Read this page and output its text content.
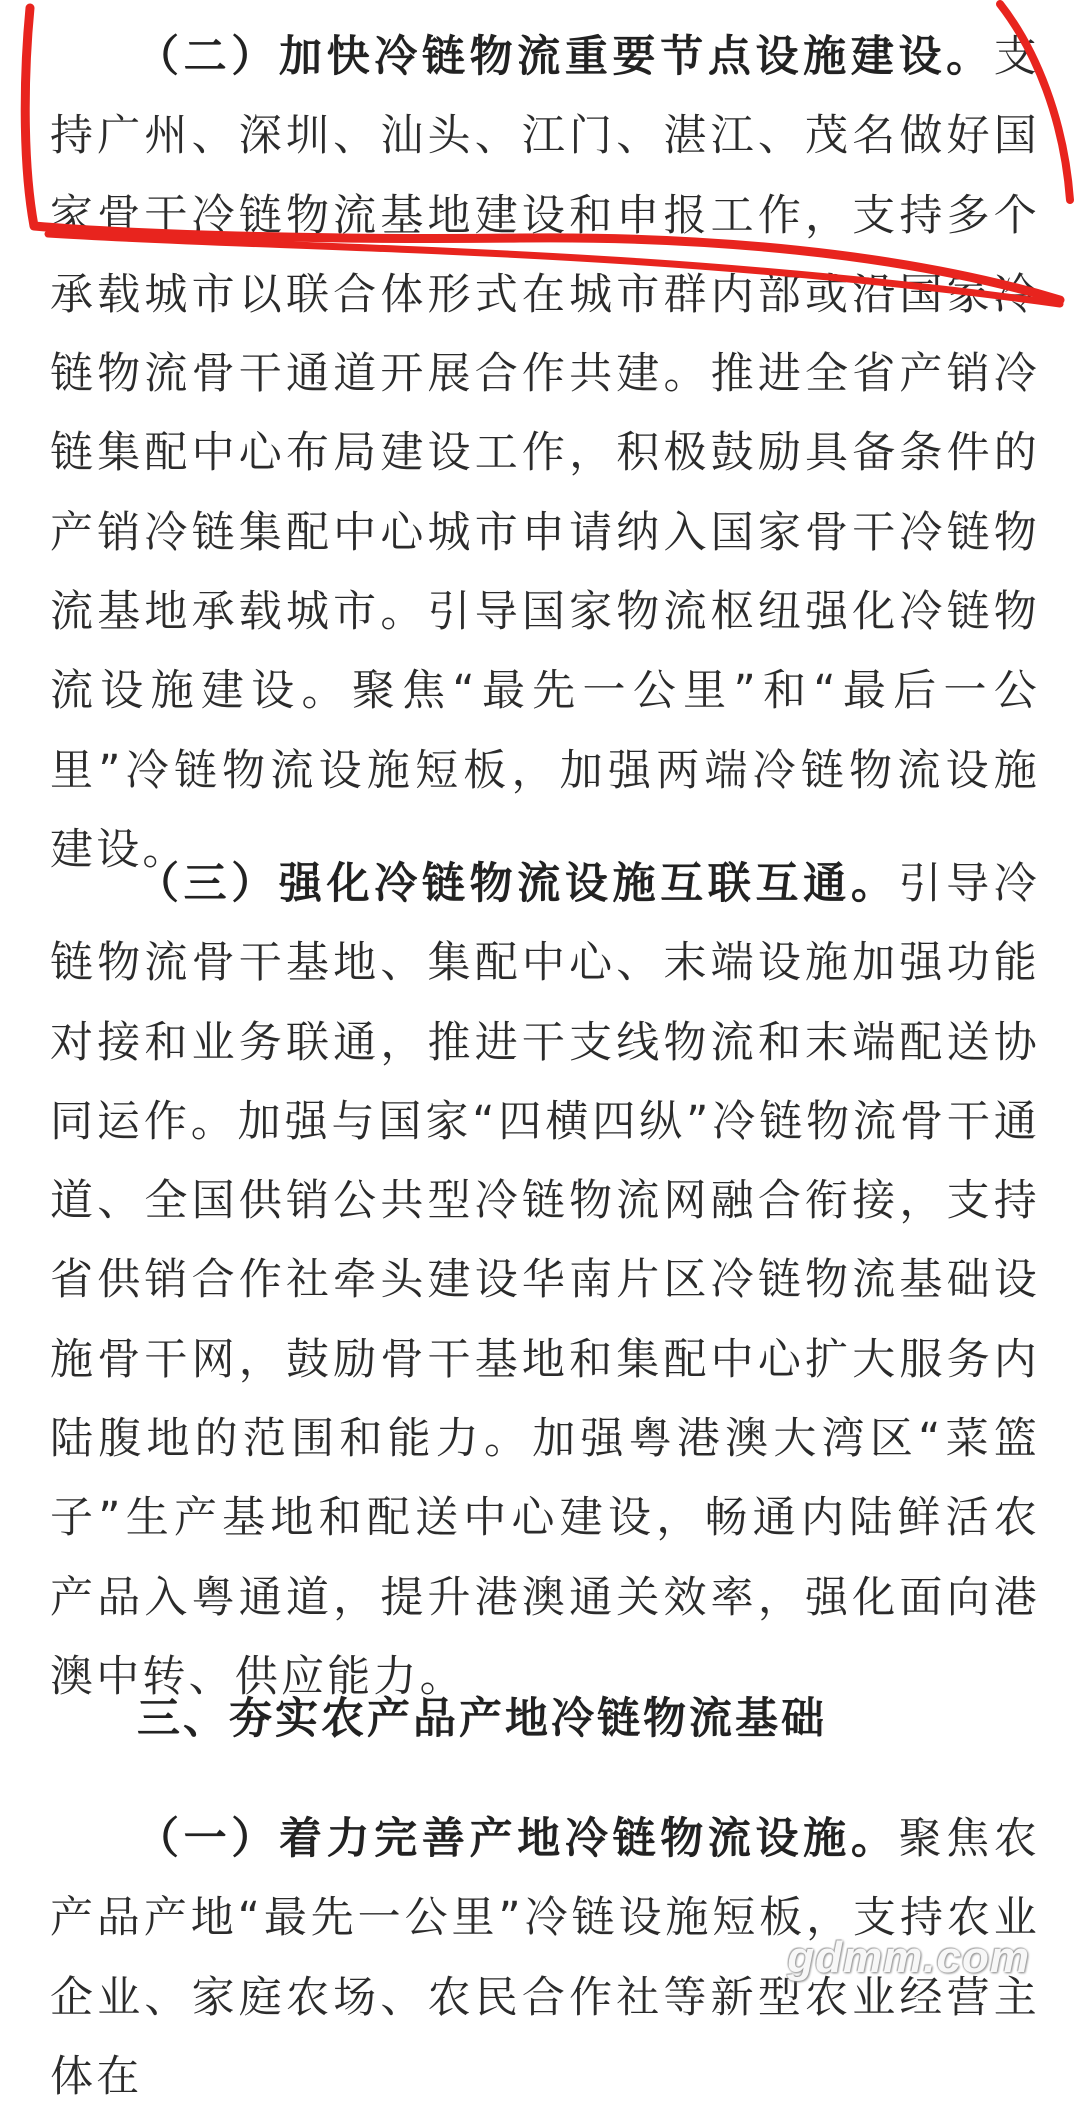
（二）加快冷链物流重要节点设施建设。支持广州、深圳、汕头、江门、湛江、茂名做好国家骨干冷链物流基地建设和申报工作，支持多个承载城市以联合体形式在城市群内部或沿国家冷链物流骨干通道开展合作共建。推进全省产销冷链集配中心布局建设工作，积极鼓励具备条件的产销冷链集配中心城市申请纳入国家骨干冷链物流基地承载城市。引导国家物流枢纽强化冷链物流设施建设。聚焦“最先一公里”和“最后一公里”冷链物流设施短板，加强两端冷链物流设施建设。

（三）强化冷链物流设施互联互通。引导冷链物流骨干基地、集配中心、末端设施加强功能对接和业务联通，推进干支线物流和末端配送协同运作。加强与国家“四横四纵”冷链物流骨干通道、全国供销公共型冷链物流网融合衔接，支持省供销合作社牵头建设华南片区冷链物流基础设施骨干网，鼓励骨干基地和集配中心扩大服务内陆腹地的范围和能力。加强粤港澳大湾区“菜篮子”生产基地和配送中心建设，畅通内陆鲜活农产品入粤通道，提升港澳通关效率，强化面向港澳中转、供应能力。

三、夯实农产品产地冷链物流基础

（一）着力完善产地冷链物流设施。聚焦农产品产地“最先一公里”冷链设施短板，支持农业企业、家庭农场、农民合作社等新型农业经营主体在

gdmm.com
